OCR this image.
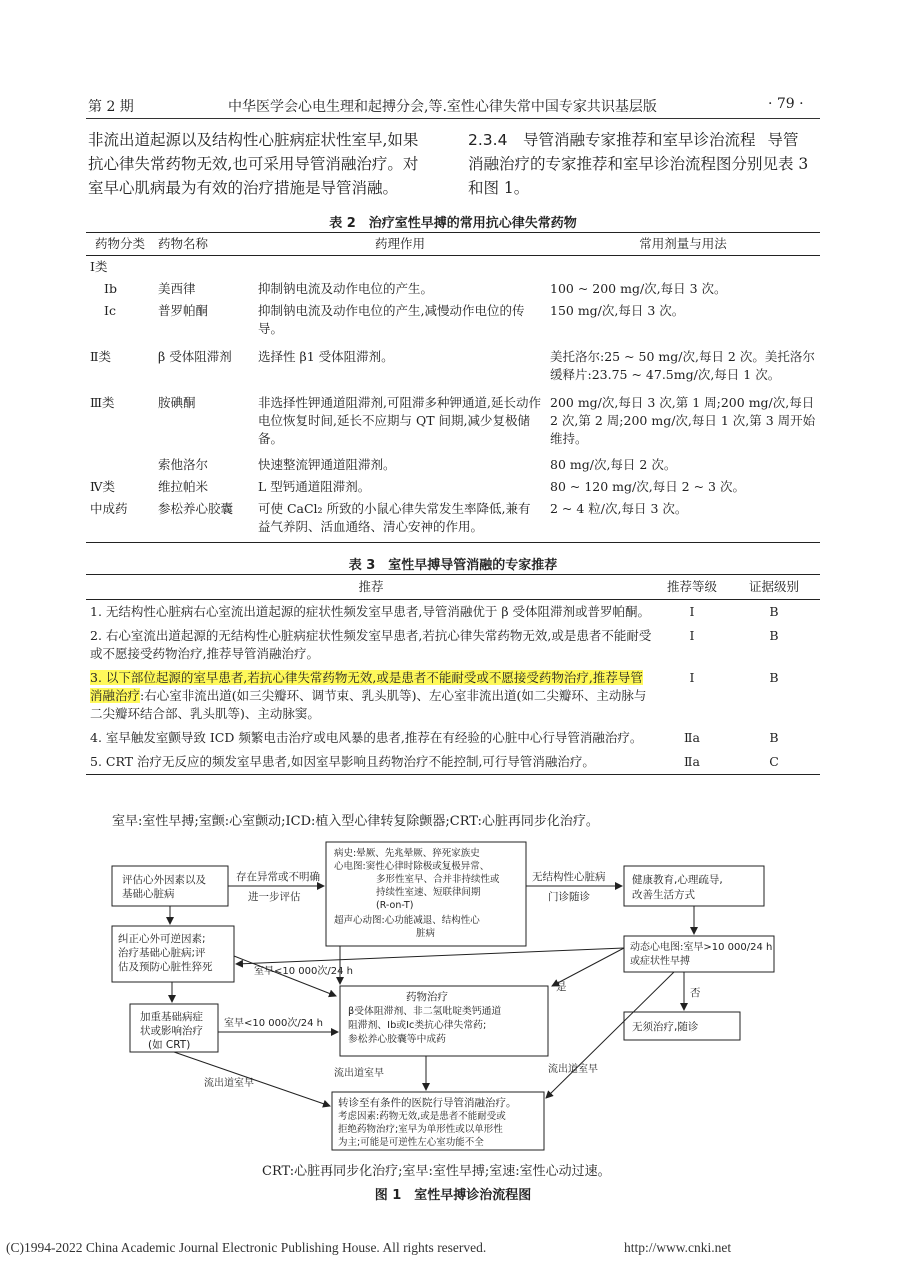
第 2 期	中华医学会心电生理和起搏分会,等.室性心律失常中国专家共识基层版	· 79 ·
非流出道起源以及结构性心脏病症状性室早,如果
抗心律失常药物无效,也可采用导管消融治疗。对
室早心肌病最为有效的治疗措施是导管消融。
2.3.4　导管消融专家推荐和室早诊治流程 导管
消融治疗的专家推荐和室早诊治流程图分别见表 3
和图 1。
表 2　治疗室性早搏的常用抗心律失常药物
药物分类	药物名称	药理作用	常用剂量与用法
Ⅰ类			
Ⅰb	美西律	抑制钠电流及动作电位的产生。	100 ~ 200 mg/次,每日 3 次。
Ⅰc	普罗帕酮	抑制钠电流及动作电位的产生,减慢动作电位的传导。	150 mg/次,每日 3 次。
Ⅱ类	β 受体阻滞剂	选择性 β1 受体阻滞剂。	美托洛尔:25 ~ 50 mg/次,每日 2 次。美托洛尔缓释片:23.75 ~ 47.5mg/次,每日 1 次。
Ⅲ类	胺碘酮	非选择性钾通道阻滞剂,可阻滞多种钾通道,延长动作电位恢复时间,延长不应期与 QT 间期,减少复极储备。	200 mg/次,每日 3 次,第 1 周;200 mg/次,每日 2 次,第 2 周;200 mg/次,每日 1 次,第 3 周开始维持。
	索他洛尔	快速整流钾通道阻滞剂。	80 mg/次,每日 2 次。
Ⅳ类	维拉帕米	L 型钙通道阻滞剂。	80 ~ 120 mg/次,每日 2 ~ 3 次。
中成药	参松养心胶囊	可使 CaCl₂ 所致的小鼠心律失常发生率降低,兼有益气养阴、活血通络、清心安神的作用。	2 ~ 4 粒/次,每日 3 次。
表 3　室性早搏导管消融的专家推荐
推荐	推荐等级	证据级别
1. 无结构性心脏病右心室流出道起源的症状性频发室早患者,导管消融优于 β 受体阻滞剂或普罗帕酮。	Ⅰ	B
2. 右心室流出道起源的无结构性心脏病症状性频发室早患者,若抗心律失常药物无效,或是患者不能耐受或不愿接受药物治疗,推荐导管消融治疗。	Ⅰ	B
3. 以下部位起源的室早患者,若抗心律失常药物无效,或是患者不能耐受或不愿接受药物治疗,推荐导管消融治疗:右心室非流出道(如三尖瓣环、调节束、乳头肌等)、左心室非流出道(如二尖瓣环、主动脉与二尖瓣环结合部、乳头肌等)、主动脉窦。	Ⅰ	B
4. 室早触发室颤导致 ICD 频繁电击治疗或电风暴的患者,推荐在有经验的心脏中心行导管消融治疗。	Ⅱa	B
5. CRT 治疗无反应的频发室早患者,如因室早影响且药物治疗不能控制,可行导管消融治疗。	Ⅱa	C
室早:室性早搏;室颤:心室颤动;ICD:植入型心律转复除颤器;CRT:心脏再同步化治疗。
评估心外因素以及
基础心脏病
存在异常或不明确
进一步评估
病史:晕厥、先兆晕厥、猝死家族史
心电图:窦性心律时除极或复极异常、
多形性室早、合并非持续性或
持续性室速、短联律间期
(R-on-T)
超声心动图:心功能减退、结构性心
脏病
无结构性心脏病
门诊随诊
健康教育,心理疏导,
改善生活方式
纠正心外可逆因素;
治疗基础心脏病;评
估及预防心脏性猝死
动态心电图:室早>10 000/24 h
或症状性早搏
是	否
无须治疗,随诊
室早<10 000次/24 h
室早<10 000次/24 h
药物治疗
β受体阻滞剂、非二氢吡啶类钙通道
阻滞剂、Ⅰb或Ⅰc类抗心律失常药;
参松养心胶囊等中成药
加重基础病症
状或影响治疗
(如 CRT)
流出道室早
流出道室早	流出道室早
转诊至有条件的医院行导管消融治疗。
考虑因素:药物无效,或是患者不能耐受或
拒绝药物治疗;室早为单形性或以单形性
为主;可能是可逆性左心室功能不全
CRT:心脏再同步化治疗;室早:室性早搏;室速:室性心动过速。
图 1　室性早搏诊治流程图
(C)1994-2022 China Academic Journal Electronic Publishing House. All rights reserved.	http://www.cnki.net
